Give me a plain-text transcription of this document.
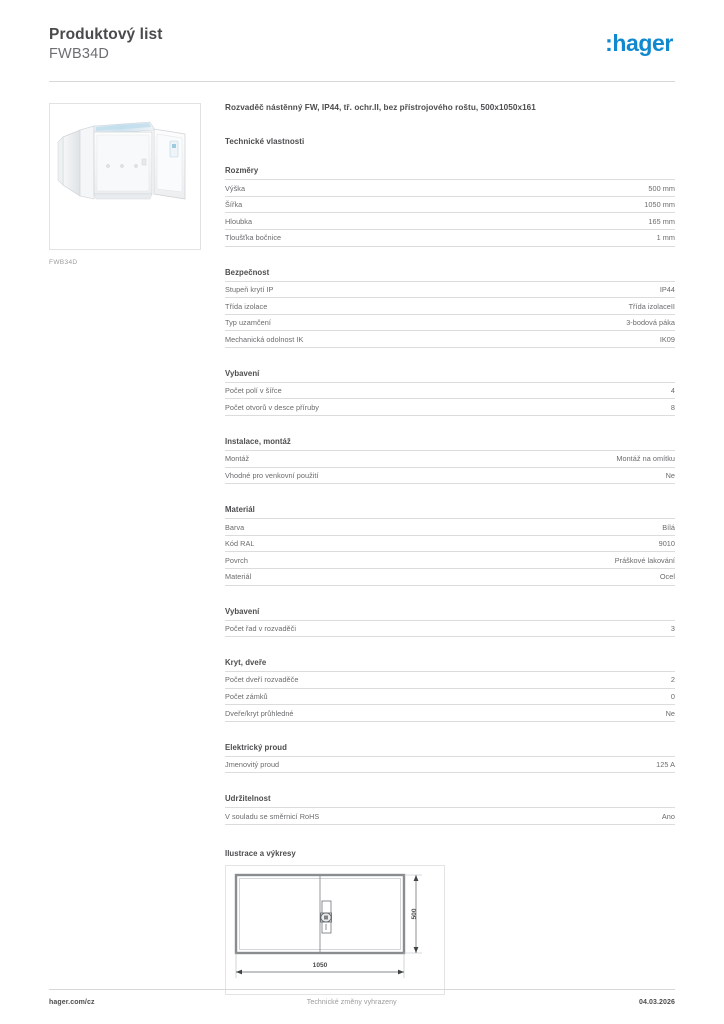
Produktový list
FWB34D	:hager
FWB34D
Rozvaděč nástěnný FW, IP44, tř. ochr.II, bez přístrojového roštu, 500x1050x161
Technické vlastnosti
Rozměry
Výška	500 mm
Šířka	1050 mm
Hloubka	165 mm
Tloušťka bočnice	1 mm
Bezpečnost
Stupeň krytí IP	IP44
Třída izolace	Třída izolaceII
Typ uzamčení	3-bodová páka
Mechanická odolnost IK	IK09
Vybavení
Počet polí v šířce	4
Počet otvorů v desce příruby	8
Instalace, montáž
Montáž	Montáž na omítku
Vhodné pro venkovní použití	Ne
Materiál
Barva	Bílá
Kód RAL	9010
Povrch	Práškové lakování
Materiál	Ocel
Vybavení
Počet řad v rozvaděči	3
Kryt, dveře
Počet dveří rozvaděče	2
Počet zámků	0
Dveře/kryt průhledné	Ne
Elektrický proud
Jmenovitý proud	125 A
Udržitelnost
V souladu se směrnicí RoHS	Ano
Ilustrace a výkresy
500
1050
hager.com/cz	Technické změny vyhrazeny	04.03.2026
